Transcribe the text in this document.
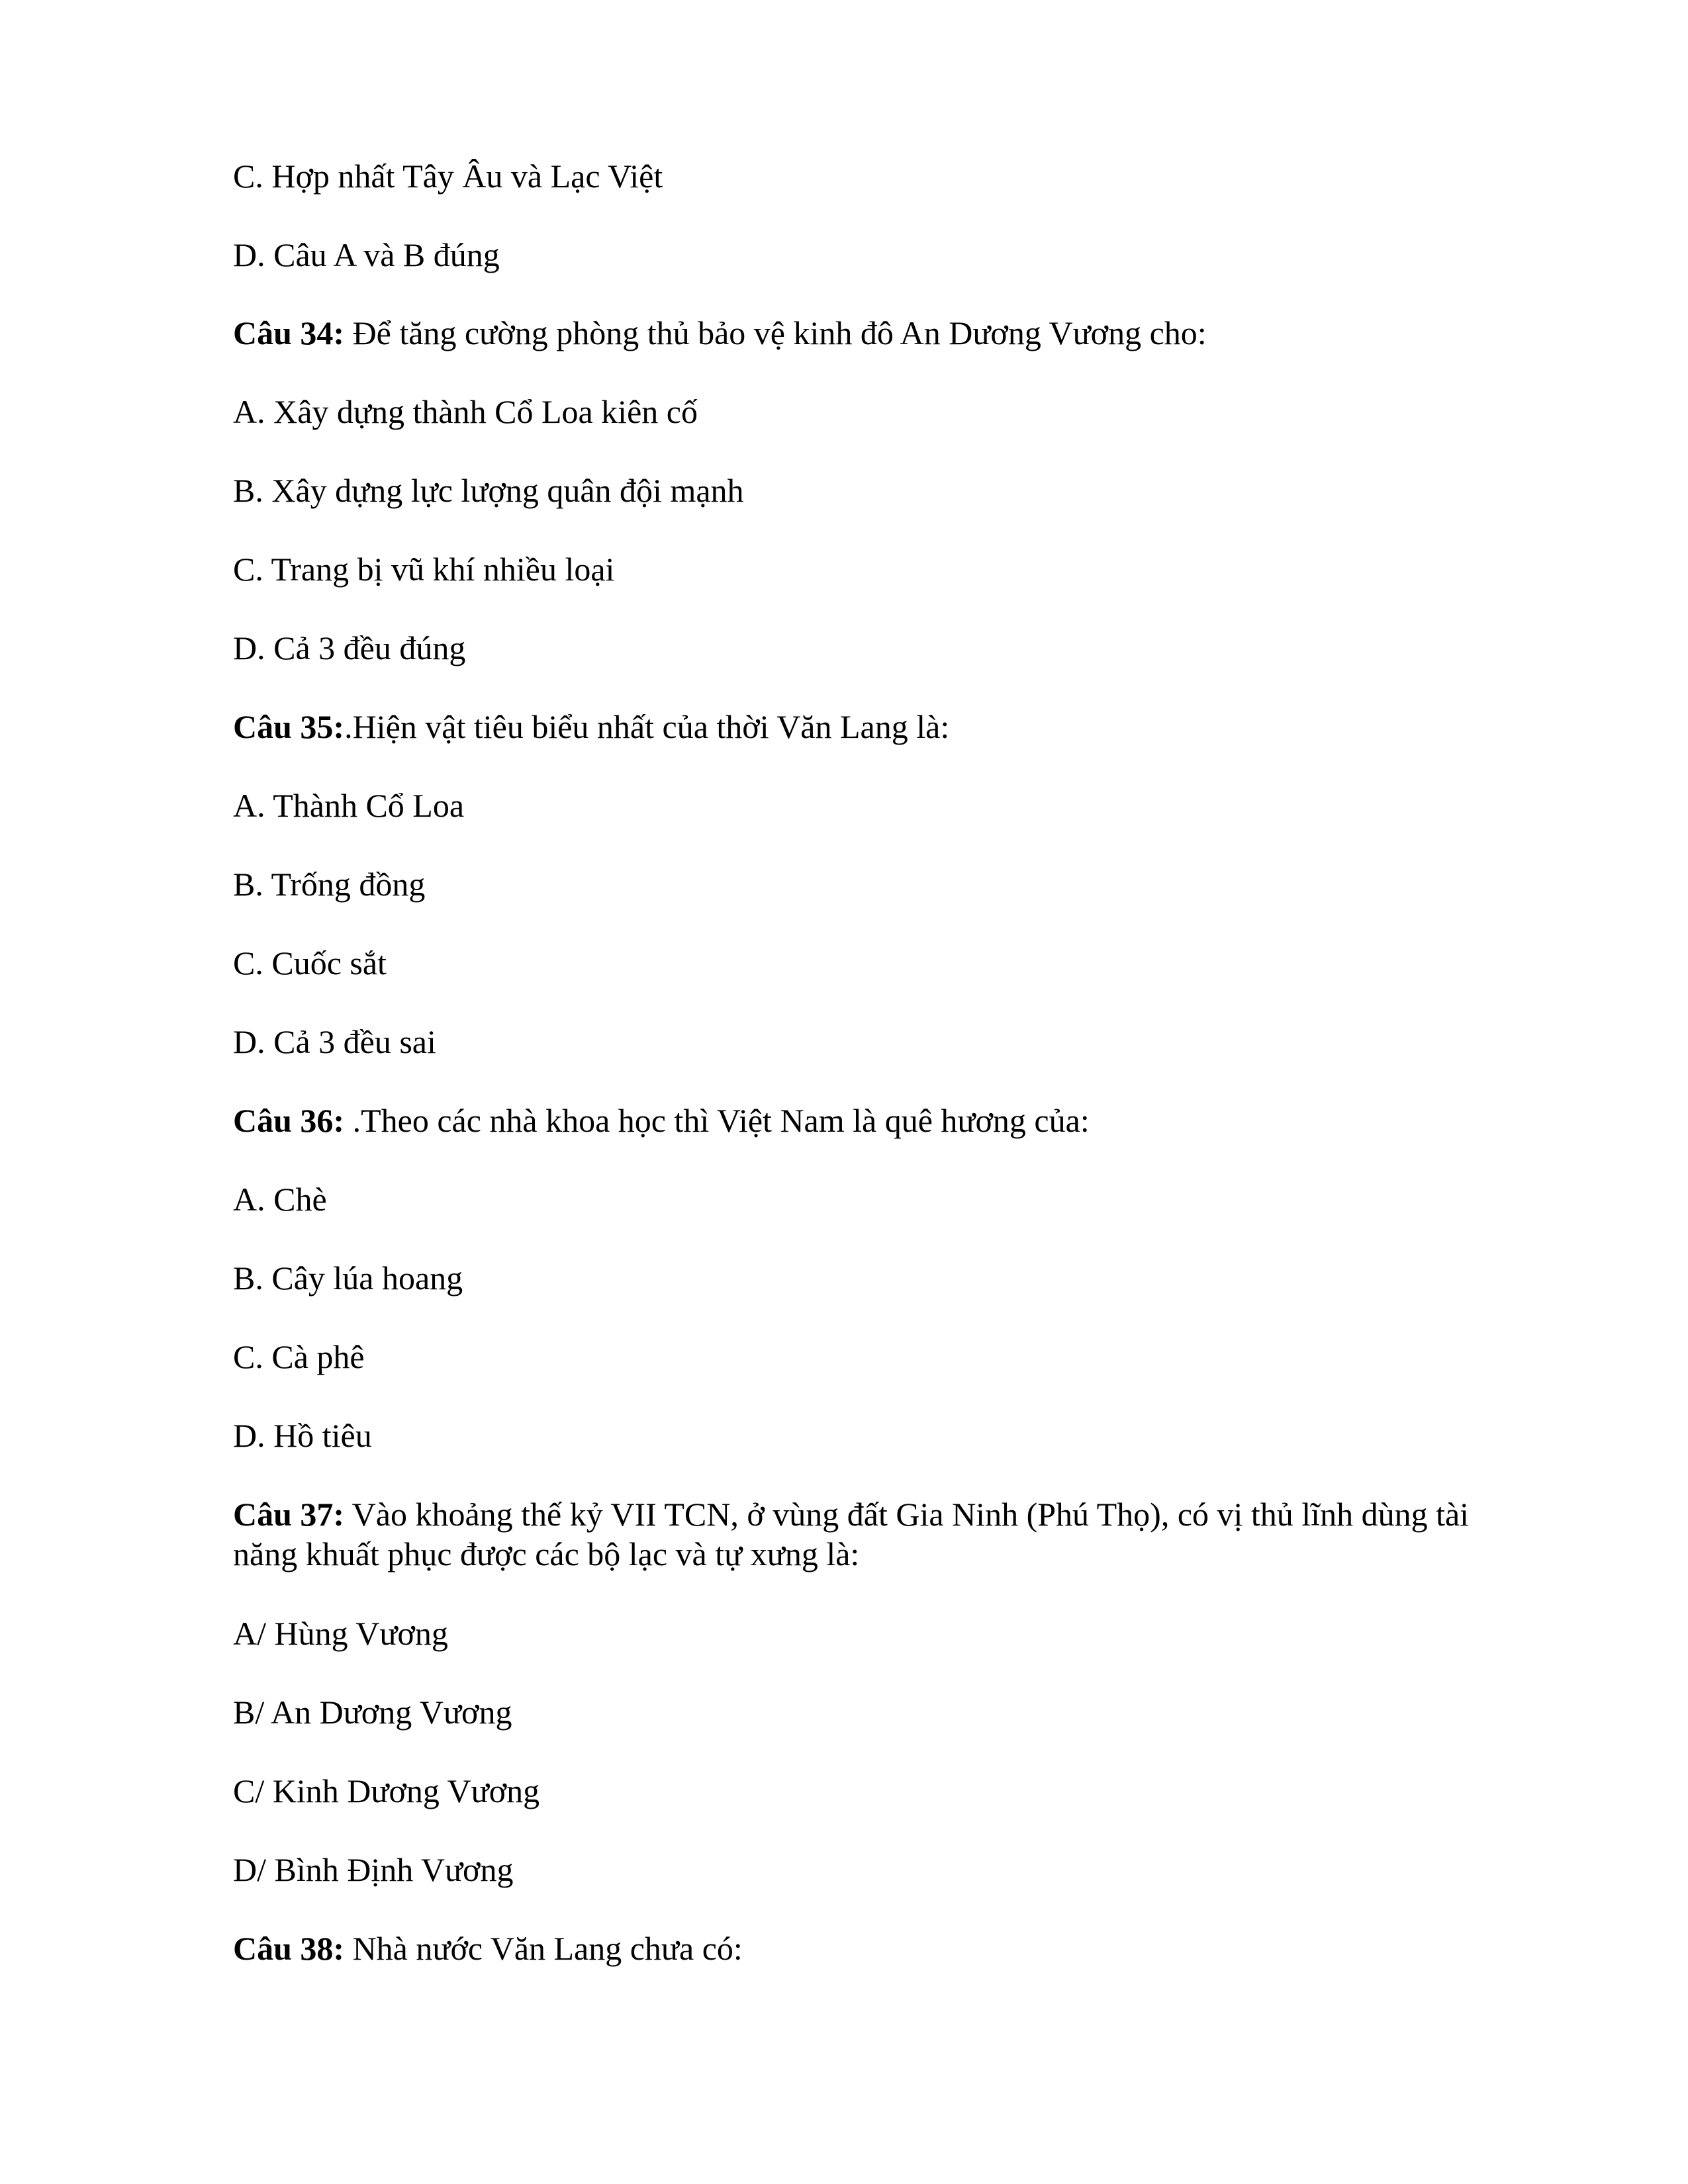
C. Hợp nhất Tây Âu và Lạc Việt
D. Câu A và B đúng
Câu 34: Để tăng cường phòng thủ bảo vệ kinh đô An Dương Vương cho:
A. Xây dựng thành Cổ Loa kiên cố
B. Xây dựng lực lượng quân đội mạnh
C. Trang bị vũ khí nhiều loại
D. Cả 3 đều đúng
Câu 35:.Hiện vật tiêu biểu nhất của thời Văn Lang là:
A. Thành Cổ Loa
B. Trống đồng
C. Cuốc sắt
D. Cả 3 đều sai
Câu 36: .Theo các nhà khoa học thì Việt Nam là quê hương của:
A. Chè
B. Cây lúa hoang
C. Cà phê
D. Hồ tiêu
Câu 37: Vào khoảng thế kỷ VII TCN, ở vùng đất Gia Ninh (Phú Thọ), có vị thủ lĩnh dùng tài năng khuất phục được các bộ lạc và tự xưng là:
A/ Hùng Vương
B/ An Dương Vương
C/ Kinh Dương Vương
D/ Bình Định Vương
Câu 38: Nhà nước Văn Lang chưa có:
